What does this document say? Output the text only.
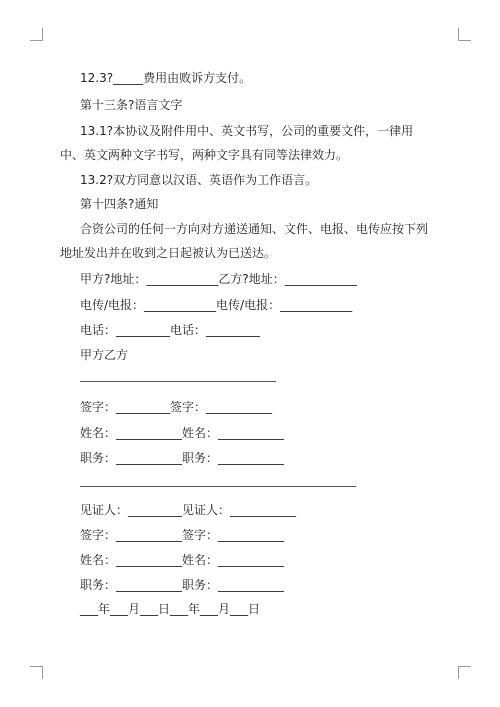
12.3?_____费用由败诉方支付。
第十三条?语言文字
13.1?本协议及附件用中、英文书写，公司的重要文件，一律用中、英文两种文字书写，两种文字具有同等法律效力。
13.2?双方同意以汉语、英语作为工作语言。
第十四条?通知
合资公司的任何一方向对方递送通知、文件、电报、电传应按下列地址发出并在收到之日起被认为已送达。
甲方?地址：____________乙方?地址：____________
电传/电报：____________电传/电报：____________
电话：_________电话：_________
甲方乙方
签字：_________签字：___________
姓名：___________姓名：___________
职务：___________职务：___________
见证人：_________见证人：___________
签字：___________签字：___________
姓名：___________姓名：___________
职务：___________职务：___________
___年___月___日___年___月___日
